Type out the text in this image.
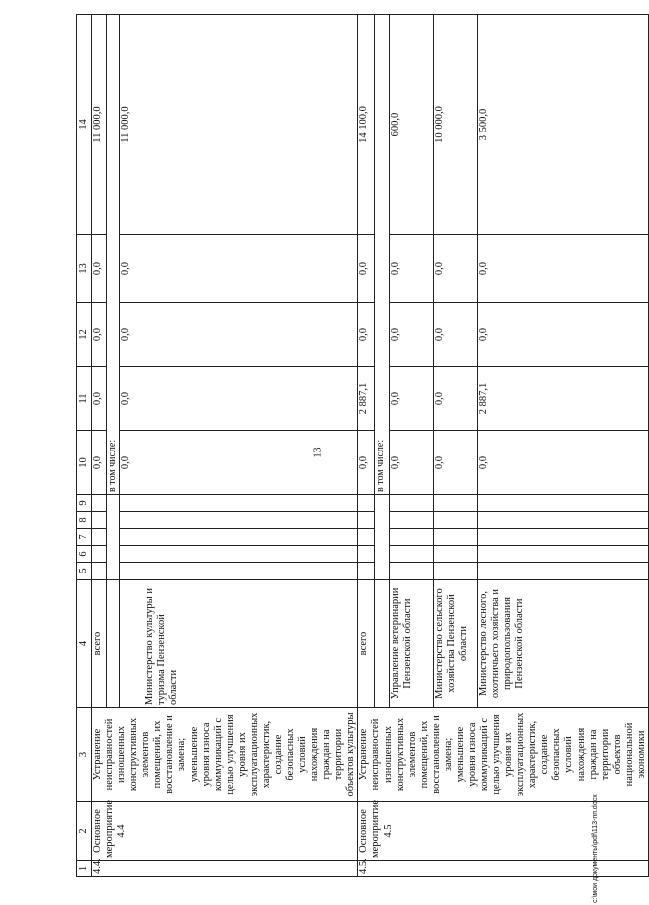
13
1	2	3	4	5	6	7	8	9	10	11	12	13	14
4.4.	Основное мероприятие 4.4	Устранение неисправностей изношенных конструктивных элементов помещений, их восстановление и замена; уменьшение уровня износа коммуникаций с целью улучшения уровня их эксплуатационных характеристик, создание безопасных условий нахождения граждан на территории объектов культуры	всего						0,0	0,0	0,0	0,0	11 000,0
									в том числе:				
			Министерство культуры и туризма Пензенской области						0,0	0,0	0,0	0,0	11 000,0
4.5.	Основное мероприятие 4.5	Устранение неисправностей изношенных конструктивных элементов помещений, их восстановление и замена; уменьшение уровня износа коммуникаций с целью улучшения уровня их эксплуатационных характеристик, создание безопасных условий нахождения граждан на территории объектов национальной экономики	всего						0,0	2 887,1	0,0	0,0	14 100,0
									в том числе:				
			Управление ветеринарии Пензенской области						0,0	0,0	0,0	0,0	600,0
			Министерство сельского хозяйства Пензенской области						0,0	0,0	0,0	0,0	10 000,0
			Министерство лесного, охотничьего хозяйства и природопользования Пензенской области						0,0	2 887,1	0,0	0,0	3 500,0
c:\мои документы\pdf\113-пп.docx
